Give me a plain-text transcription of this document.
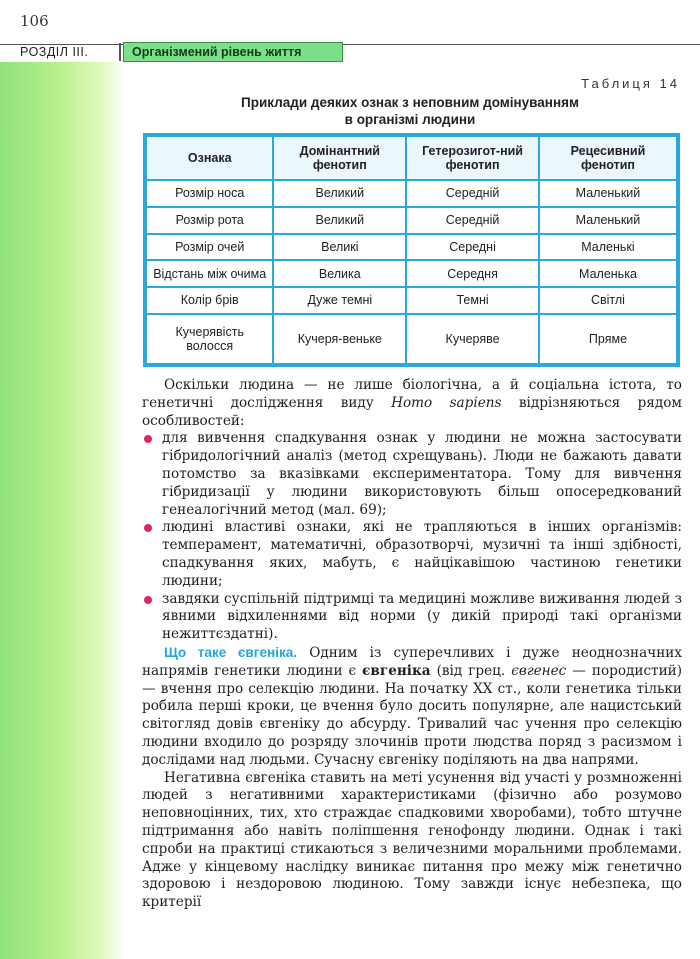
106
РОЗДІЛ ІІІ.	Організмений рівень життя
Таблиця 14
Приклади деяких ознак з неповним домінуванням
в організмі людини
Ознака	Домінантний фенотип	Гетерозигот-ний фенотип	Рецесивний фенотип
Розмір носа	Великий	Середній	Маленький
Розмір рота	Великий	Середній	Маленький
Розмір очей	Великі	Середні	Маленькі
Відстань між очима	Велика	Середня	Маленька
Колір брів	Дуже темні	Темні	Світлі
Кучерявість волосся	Кучеря-веньке	Кучеряве	Пряме

Оскільки людина — не лише біологічна, а й соціальна істота, то генетичні дослідження виду Homo sapiens відрізняються рядом особливостей:

для вивчення спадкування ознак у людини не можна застосувати гібридологічний аналіз (метод схрещувань). Люди не бажають давати потомство за вказівками експериментатора. Тому для вивчення гібридизації у людини використовують більш опосередкований генеалогічний метод (мал. 69);

людині властиві ознаки, які не трапляються в інших організмів: темперамент, математичні, образотворчі, музичні та інші здібності, спадкування яких, мабуть, є найцікавішою частиною генетики людини;

завдяки суспільній підтримці та медицині можливе виживання людей з явними відхиленнями від норми (у дикій природі такі організми нежиттєздатні).

Що таке євгеніка. Одним із суперечливих і дуже неоднозначних напрямів генетики людини є євгеніка (від грец. євгенес — породистий) — вчення про селекцію людини. На початку XX ст., коли генетика тільки робила перші кроки, це вчення було досить популярне, але нацистський світогляд довів євгеніку до абсурду. Тривалий час учення про селекцію людини входило до розряду злочинів проти людства поряд з расизмом і дослідами над людьми. Сучасну євгеніку поділяють на два напрями.

Негативна євгеніка ставить на меті усунення від участі у розмноженні людей з негативними характеристиками (фізично або розумово неповноцінних, тих, хто страждає спадковими хворобами), тобто штучне підтримання або навіть поліпшення генофонду людини. Однак і такі спроби на практиці стикаються з величезними моральними проблемами. Адже у кінцевому наслідку виникає питання про межу між генетично здоровою і нездоровою людиною. Тому завжди існує небезпека, що критерії
